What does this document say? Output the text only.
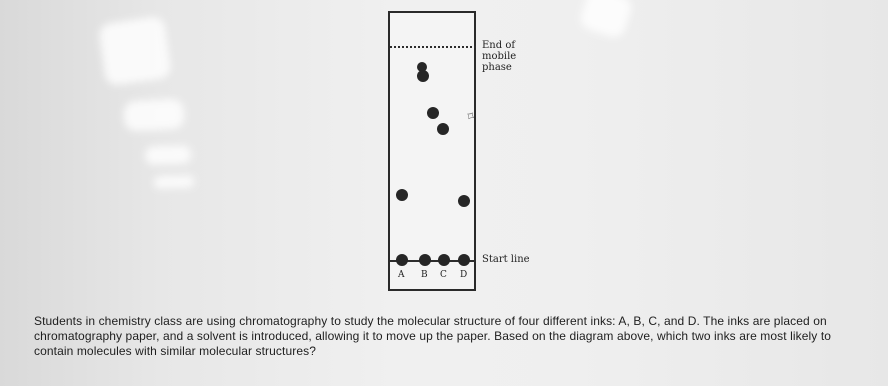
A B C D
End of
mobile
phase
Start line
⌑
Students in chemistry class are using chromatography to study the molecular structure of four different inks: A, B, C, and D. The inks are placed on chromatography paper, and a solvent is introduced, allowing it to move up the paper. Based on the diagram above, which two inks are most likely to contain molecules with similar molecular structures?
